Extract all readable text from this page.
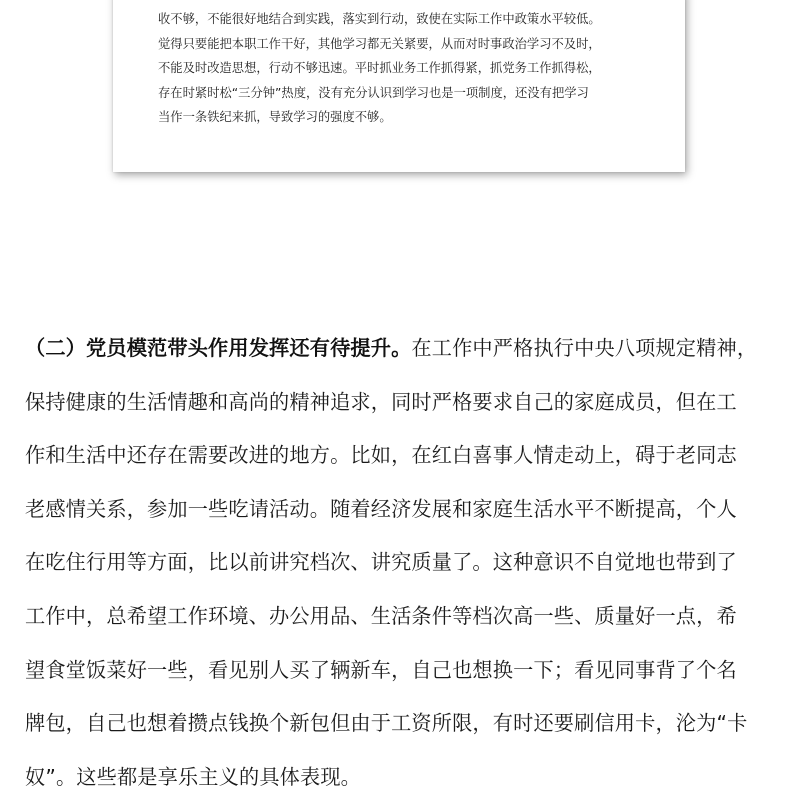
收不够，不能很好地结合到实践，落实到行动，致使在实际工作中政策水平较低。
觉得只要能把本职工作干好，其他学习都无关紧要，从而对时事政治学习不及时，
不能及时改造思想，行动不够迅速。平时抓业务工作抓得紧，抓党务工作抓得松，
存在时紧时松“三分钟”热度，没有充分认识到学习也是一项制度，还没有把学习
当作一条铁纪来抓，导致学习的强度不够。
（二）党员模范带头作用发挥还有待提升。在工作中严格执行中央八项规定精神，
保持健康的生活情趣和高尚的精神追求，同时严格要求自己的家庭成员，但在工
作和生活中还存在需要改进的地方。比如，在红白喜事人情走动上，碍于老同志
老感情关系，参加一些吃请活动。随着经济发展和家庭生活水平不断提高，个人
在吃住行用等方面，比以前讲究档次、讲究质量了。这种意识不自觉地也带到了
工作中，总希望工作环境、办公用品、生活条件等档次高一些、质量好一点，希
望食堂饭菜好一些，看见别人买了辆新车，自己也想换一下；看见同事背了个名
牌包，自己也想着攒点钱换个新包但由于工资所限，有时还要刷信用卡，沦为“卡
奴”。这些都是享乐主义的具体表现。
